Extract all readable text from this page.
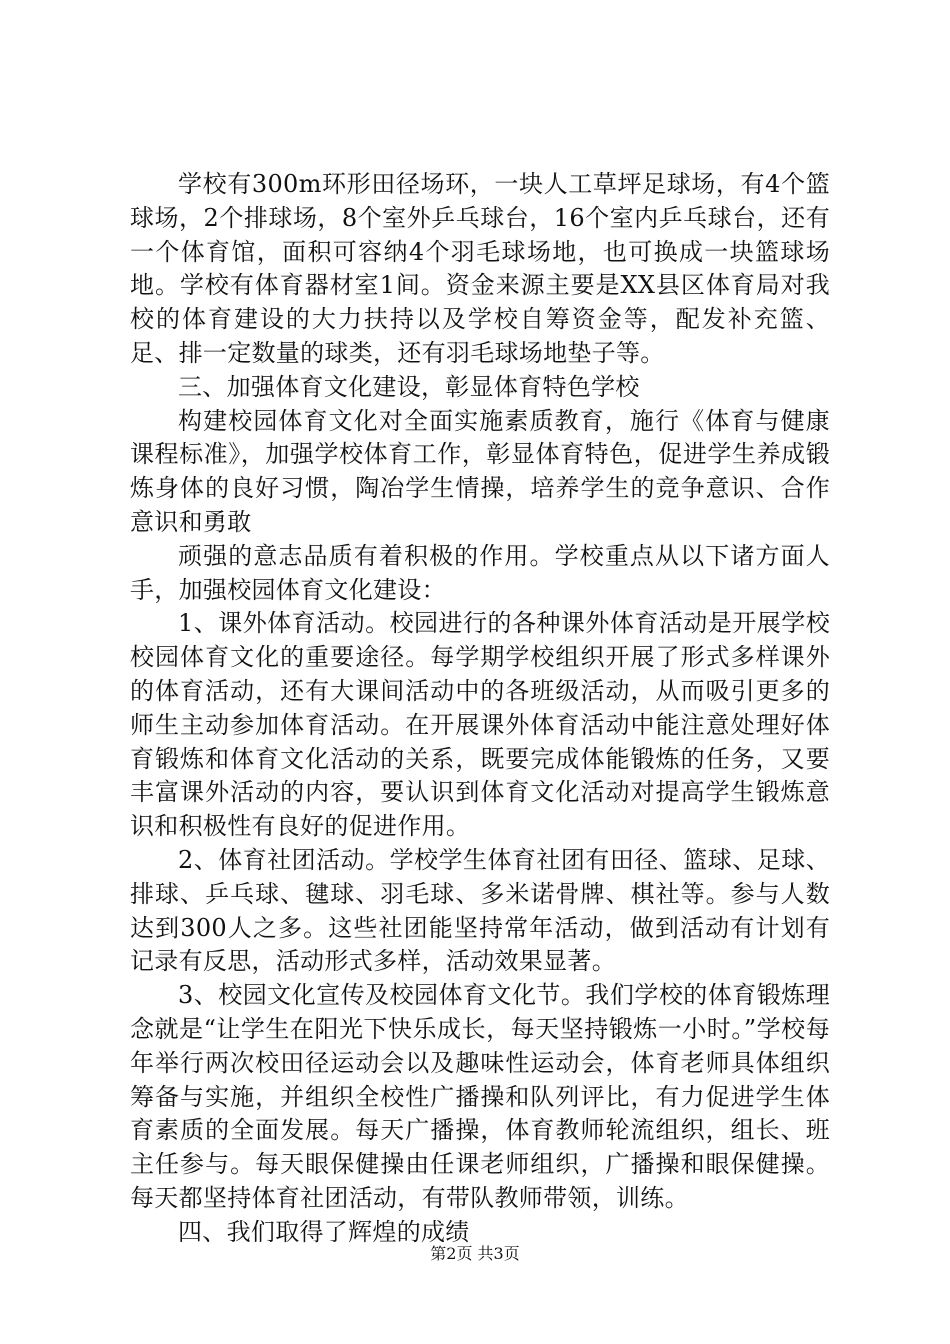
学校有300m环形田径场环，一块人工草坪足球场，有4个篮球场，2个排球场，8个室外乒乓球台，16个室内乒乓球台，还有一个体育馆，面积可容纳4个羽毛球场地，也可换成一块篮球场地。学校有体育器材室1间。资金来源主要是XX县区体育局对我校的体育建设的大力扶持以及学校自筹资金等，配发补充篮、足、排一定数量的球类，还有羽毛球场地垫子等。

三、加强体育文化建设，彰显体育特色学校

构建校园体育文化对全面实施素质教育，施行《体育与健康课程标准》，加强学校体育工作，彰显体育特色，促进学生养成锻炼身体的良好习惯，陶冶学生情操，培养学生的竞争意识、合作意识和勇敢

顽强的意志品质有着积极的作用。学校重点从以下诸方面人手，加强校园体育文化建设：

1、课外体育活动。校园进行的各种课外体育活动是开展学校校园体育文化的重要途径。每学期学校组织开展了形式多样课外的体育活动，还有大课间活动中的各班级活动，从而吸引更多的师生主动参加体育活动。在开展课外体育活动中能注意处理好体育锻炼和体育文化活动的关系，既要完成体能锻炼的任务，又要丰富课外活动的内容，要认识到体育文化活动对提高学生锻炼意识和积极性有良好的促进作用。

2、体育社团活动。学校学生体育社团有田径、篮球、足球、排球、乒乓球、毽球、羽毛球、多米诺骨牌、棋社等。参与人数达到300人之多。这些社团能坚持常年活动，做到活动有计划有记录有反思，活动形式多样，活动效果显著。

3、校园文化宣传及校园体育文化节。我们学校的体育锻炼理念就是“让学生在阳光下快乐成长，每天坚持锻炼一小时。”学校每年举行两次校田径运动会以及趣味性运动会，体育老师具体组织筹备与实施，并组织全校性广播操和队列评比，有力促进学生体育素质的全面发展。每天广播操，体育教师轮流组织，组长、班主任参与。每天眼保健操由任课老师组织，广播操和眼保健操。每天都坚持体育社团活动，有带队教师带领，训练。

四、我们取得了辉煌的成绩

第2页 共3页
